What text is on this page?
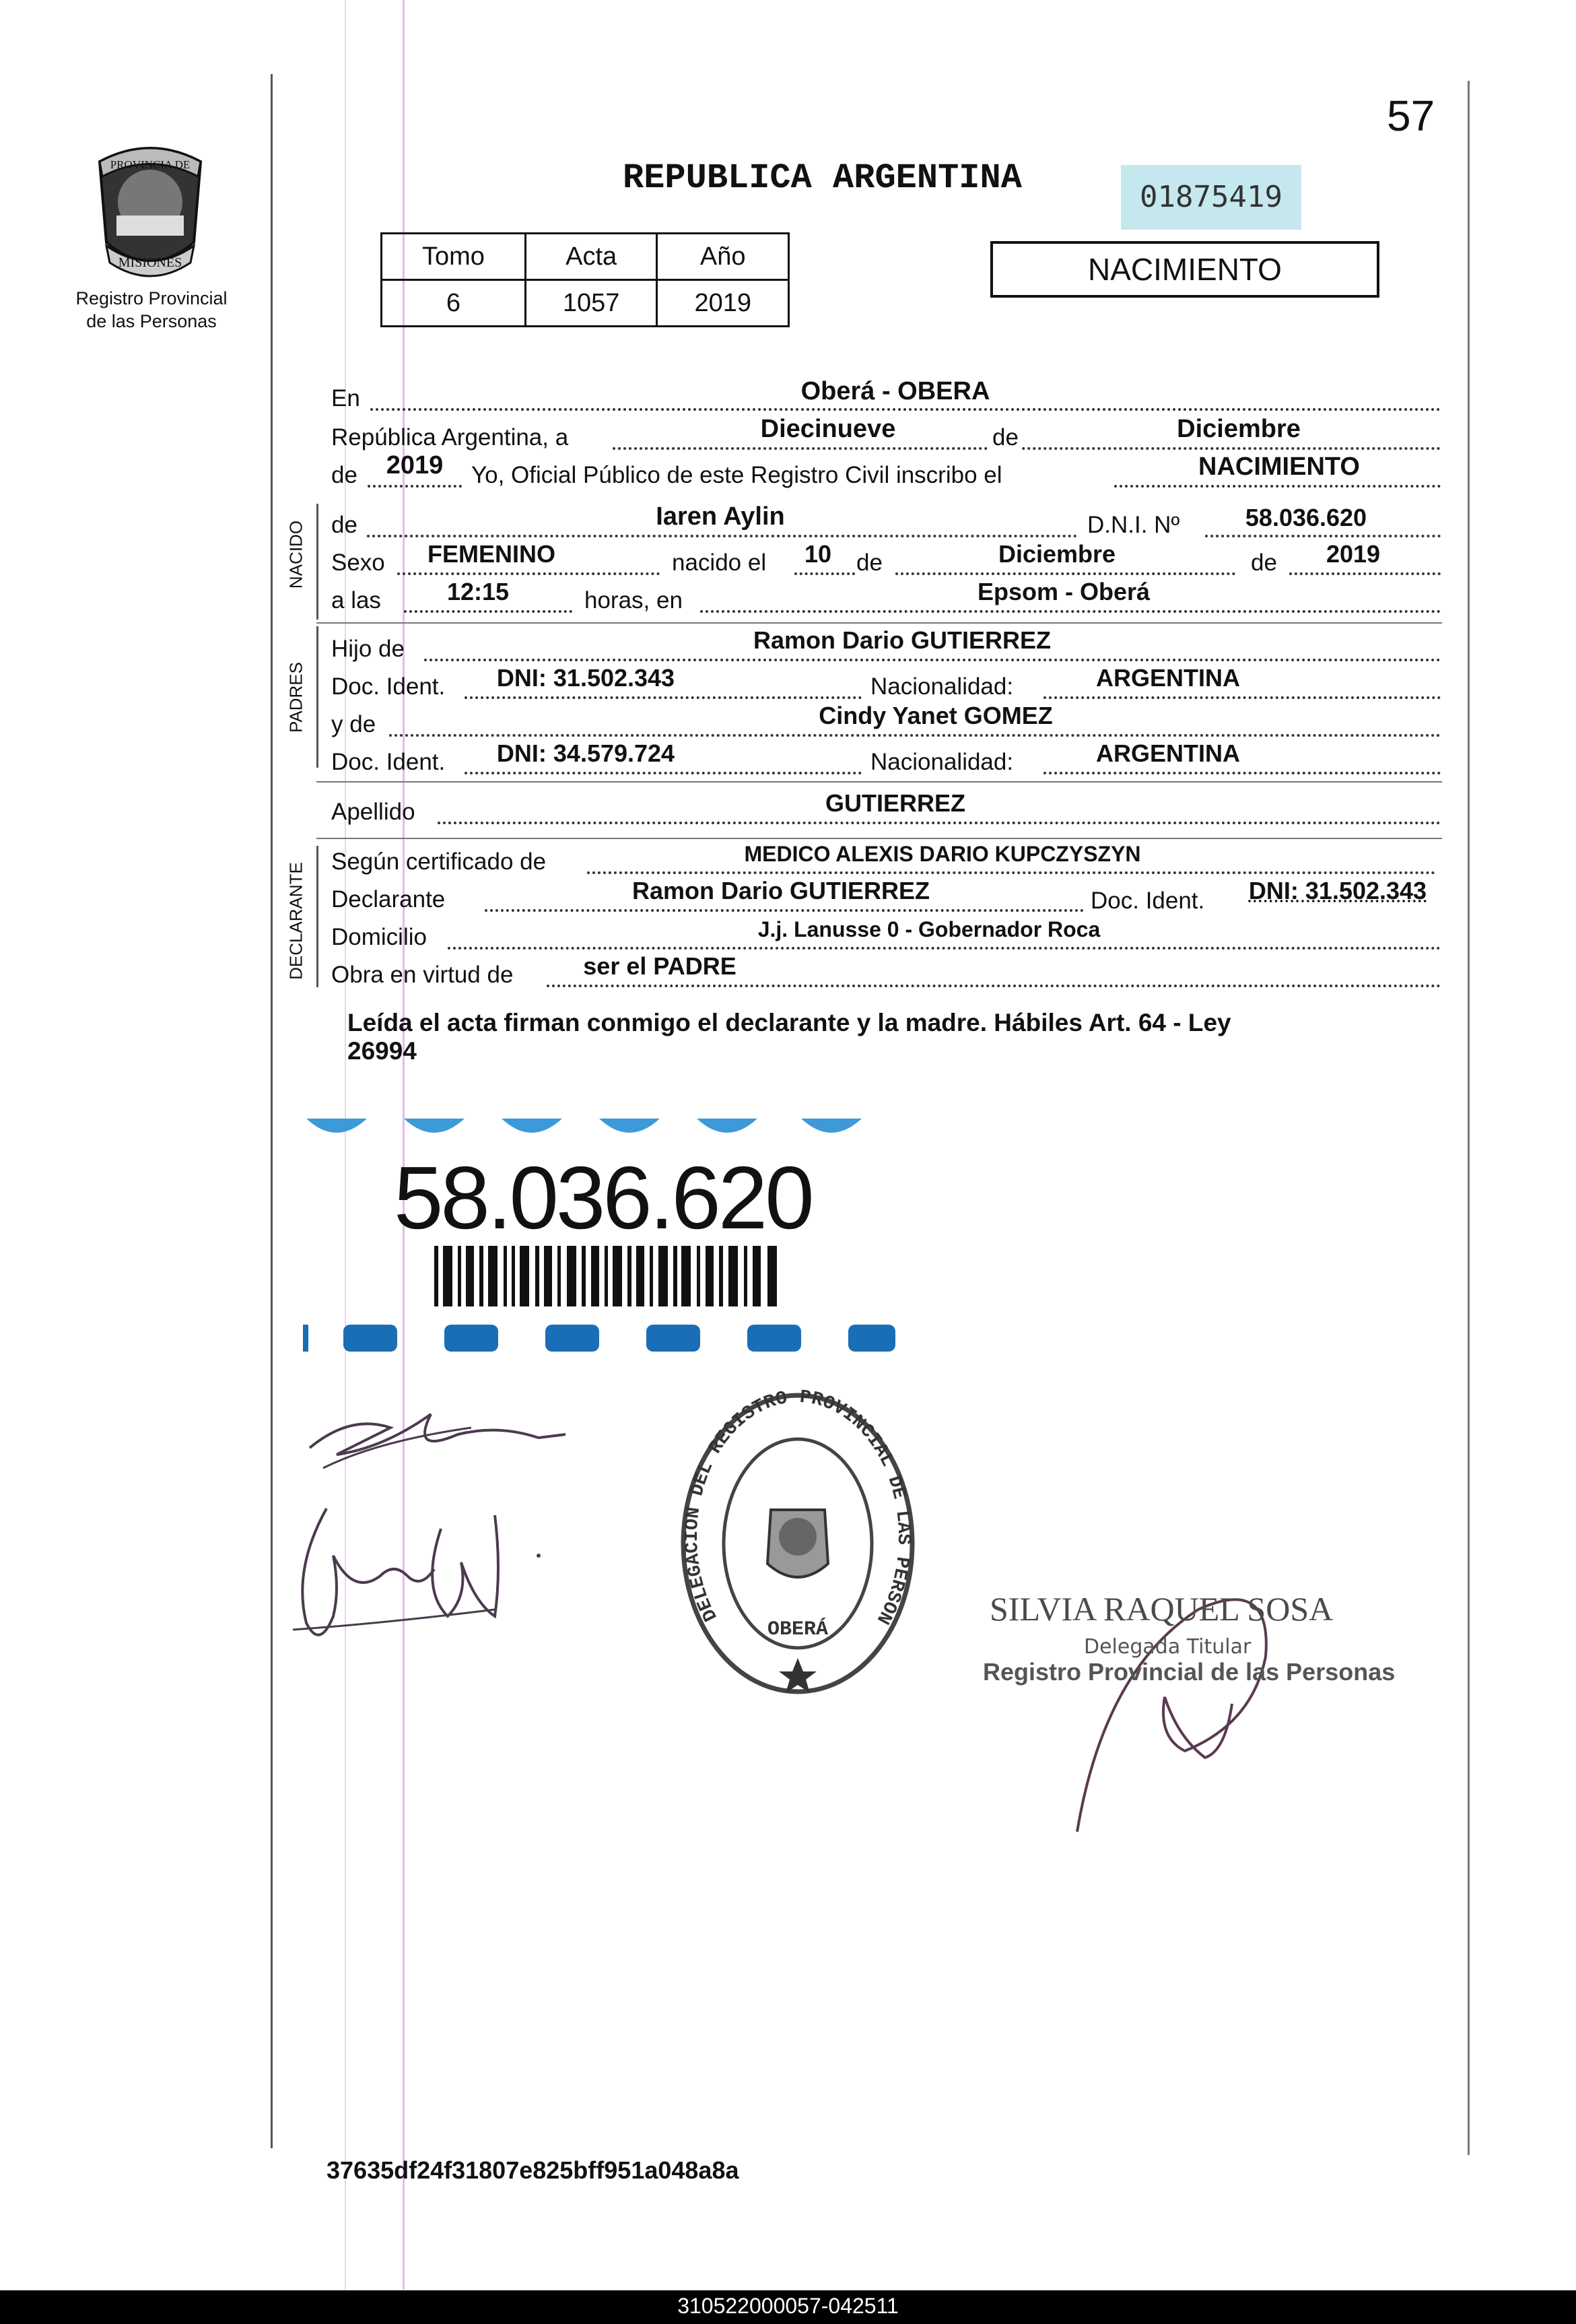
57
PROVINCIA DE
MISIONES
Registro Provincial
de las Personas
REPUBLICA ARGENTINA	01875419
Tomo	Acta	Año
6	1057	2019
NACIMIENTO
En	Oberá - OBERA
República Argentina, a	Diecinueve	de	Diciembre
de	2019	Yo, Oficial Público de este Registro Civil inscribo el	NACIMIENTO
NACIDO de	Iaren Aylin	D.N.I. Nº	58.036.620
Sexo	FEMENINO	nacido el	10	de	Diciembre	de	2019
a las	12:15	horas, en	Epsom - Oberá
PADRES
Hijo de	Ramon Dario GUTIERREZ
Doc. Ident.	DNI: 31.502.343	Nacionalidad:	ARGENTINA
y de	Cindy Yanet GOMEZ
Doc. Ident.	DNI: 34.579.724	Nacionalidad:	ARGENTINA
Apellido	GUTIERREZ
DECLARANTE
Según certificado de	MEDICO ALEXIS DARIO KUPCZYSZYN
Declarante	Ramon Dario GUTIERREZ	Doc. Ident.	DNI: 31.502.343
Domicilio	J.j. Lanusse 0 - Gobernador Roca
Obra en virtud de	ser el PADRE
Leída el acta firman conmigo el declarante y la madre. Hábiles Art. 64 - Ley
26994
58.036.620
OBERÁ
DELEGACION DEL REGISTRO PROVINCIAL DE LAS PERSON	SILVIA RAQUEL SOSA
Delegada Titular
Registro Provincial de las Personas
37635df24f31807e825bff951a048a8a
310522000057-042511
